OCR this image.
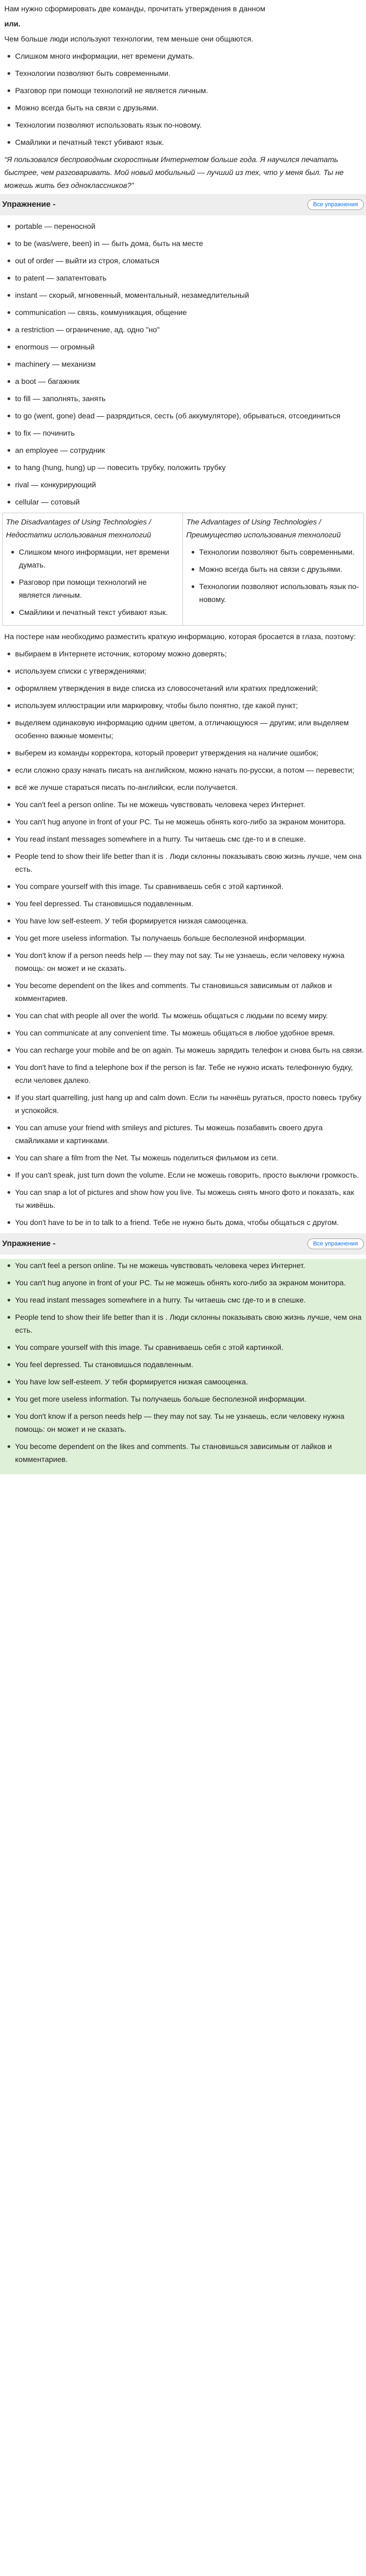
Нам нужно сформировать две команды, прочитать утверждения в данном
или.
Чем больше люди используют технологии, тем меньше они общаются.
Слишком много информации, нет времени думать.
Технологии позволяют быть современными.
Разговор при помощи технологий не является личным.
Можно всегда быть на связи с друзьями.
Технологии позволяют использовать язык по-новому.
Смайлики и печатный текст убивают язык.
“Я пользовался беспроводным скоростным Интернетом больше года. Я научился печатать быстрее, чем разговаривать. Мой новый мобильный — лучший из тех, что у меня был. Ты не можешь жить без одноклассников?”
Упражнение -	Все упражнения
portable — переносной
to be (was/were, been) in — быть дома, быть на месте
out of order — выйти из строя, сломаться
to patent — запатентовать
instant — скорый, мгновенный, моментальный, незамедлительный
communication — связь, коммуникация, общение
a restriction — ограничение, ад. одно "но"
enormous — огромный
machinery — механизм
a boot — багажник
to fill — заполнять, занять
to go (went, gone) dead — разрядиться, сесть (об аккумуляторе), обрываться, отсоединиться
to fix — починить
an employee — сотрудник
to hang (hung, hung) up — повесить трубку, положить трубку
rival — конкурирующий
cellular — сотовый
The Disadvantages of Using Technologies /
Недостатки использования технологий
Слишком много информации, нет времени думать.
Разговор при помощи технологий не является личным.
Смайлики и печатный текст убивают язык.
The Advantages of Using Technologies /
Преимущество использования технологий
Технологии позволяют быть современными.
Можно всегда быть на связи с друзьями.
Технологии позволяют использовать язык по-новому.
На постере нам необходимо разместить краткую информацию, которая бросается в глаза, поэтому:
выбираем в Интернете источник, которому можно доверять;
используем списки с утверждениями;
оформляем утверждения в виде списка из словосочетаний или кратких предложений;
используем иллюстрации или маркировку, чтобы было понятно, где какой пункт;
выделяем одинаковую информацию одним цветом, а отличающуюся — другим; или выделяем особенно важные моменты;
выберем из команды корректора, который проверит утверждения на наличие ошибок;
если сложно сразу начать писать на английском, можно начать по-русски, а потом — перевести;
всё же лучше стараться писать по-английски, если получается.
You can't feel a person online. Ты не можешь чувствовать человека через Интернет.
You can't hug anyone in front of your PC. Ты не можешь обнять кого-либо за экраном монитора.
You read instant messages somewhere in a hurry. Ты читаешь смс где-то и в спешке.
People tend to show their life better than it is . Люди склонны показывать свою жизнь лучше, чем она есть.
You compare yourself with this image. Ты сравниваешь себя с этой картинкой.
You feel depressed. Ты становишься подавленным.
You have low self-esteem. У тебя формируется низкая самооценка.
You get more useless information. Ты получаешь больше бесполезной информации.
You don't know if a person needs help — they may not say. Ты не узнаешь, если человеку нужна помощь: он может и не сказать.
You become dependent on the likes and comments. Ты становишься зависимым от лайков и комментариев.
You can chat with people all over the world. Ты можешь общаться с людьми по всему миру.
You can communicate at any convenient time. Ты можешь общаться в любое удобное время.
You can recharge your mobile and be on again. Ты можешь зарядить телефон и снова быть на связи.
You don't have to find a telephone box if the person is far. Тебе не нужно искать телефонную будку, если человек далеко.
If you start quarrelling, just hang up and calm down. Если ты начнёшь ругаться, просто повесь трубку и успокойся.
You can amuse your friend with smileys and pictures. Ты можешь позабавить своего друга смайликами и картинками.
You can share a film from the Net. Ты можешь поделиться фильмом из сети.
If you can't speak, just turn down the volume. Если не можешь говорить, просто выключи громкость.
You can snap a lot of pictures and show how you live. Ты можешь снять много фото и показать, как ты живёшь.
You don't have to be in to talk to a friend. Тебе не нужно быть дома, чтобы общаться с другом.
Упражнение -	Все упражнения
You can't feel a person online. Ты не можешь чувствовать человека через Интернет.
You can't hug anyone in front of your PC. Ты не можешь обнять кого-либо за экраном монитора.
You read instant messages somewhere in a hurry. Ты читаешь смс где-то и в спешке.
People tend to show their life better than it is . Люди склонны показывать свою жизнь лучше, чем она есть.
You compare yourself with this image. Ты сравниваешь себя с этой картинкой.
You feel depressed. Ты становишься подавленным.
You have low self-esteem. У тебя формируется низкая самооценка.
You get more useless information. Ты получаешь больше бесполезной информации.
You don't know if a person needs help — they may not say. Ты не узнаешь, если человеку нужна помощь: он может и не сказать.
You become dependent on the likes and comments. Ты становишься зависимым от лайков и комментариев.
